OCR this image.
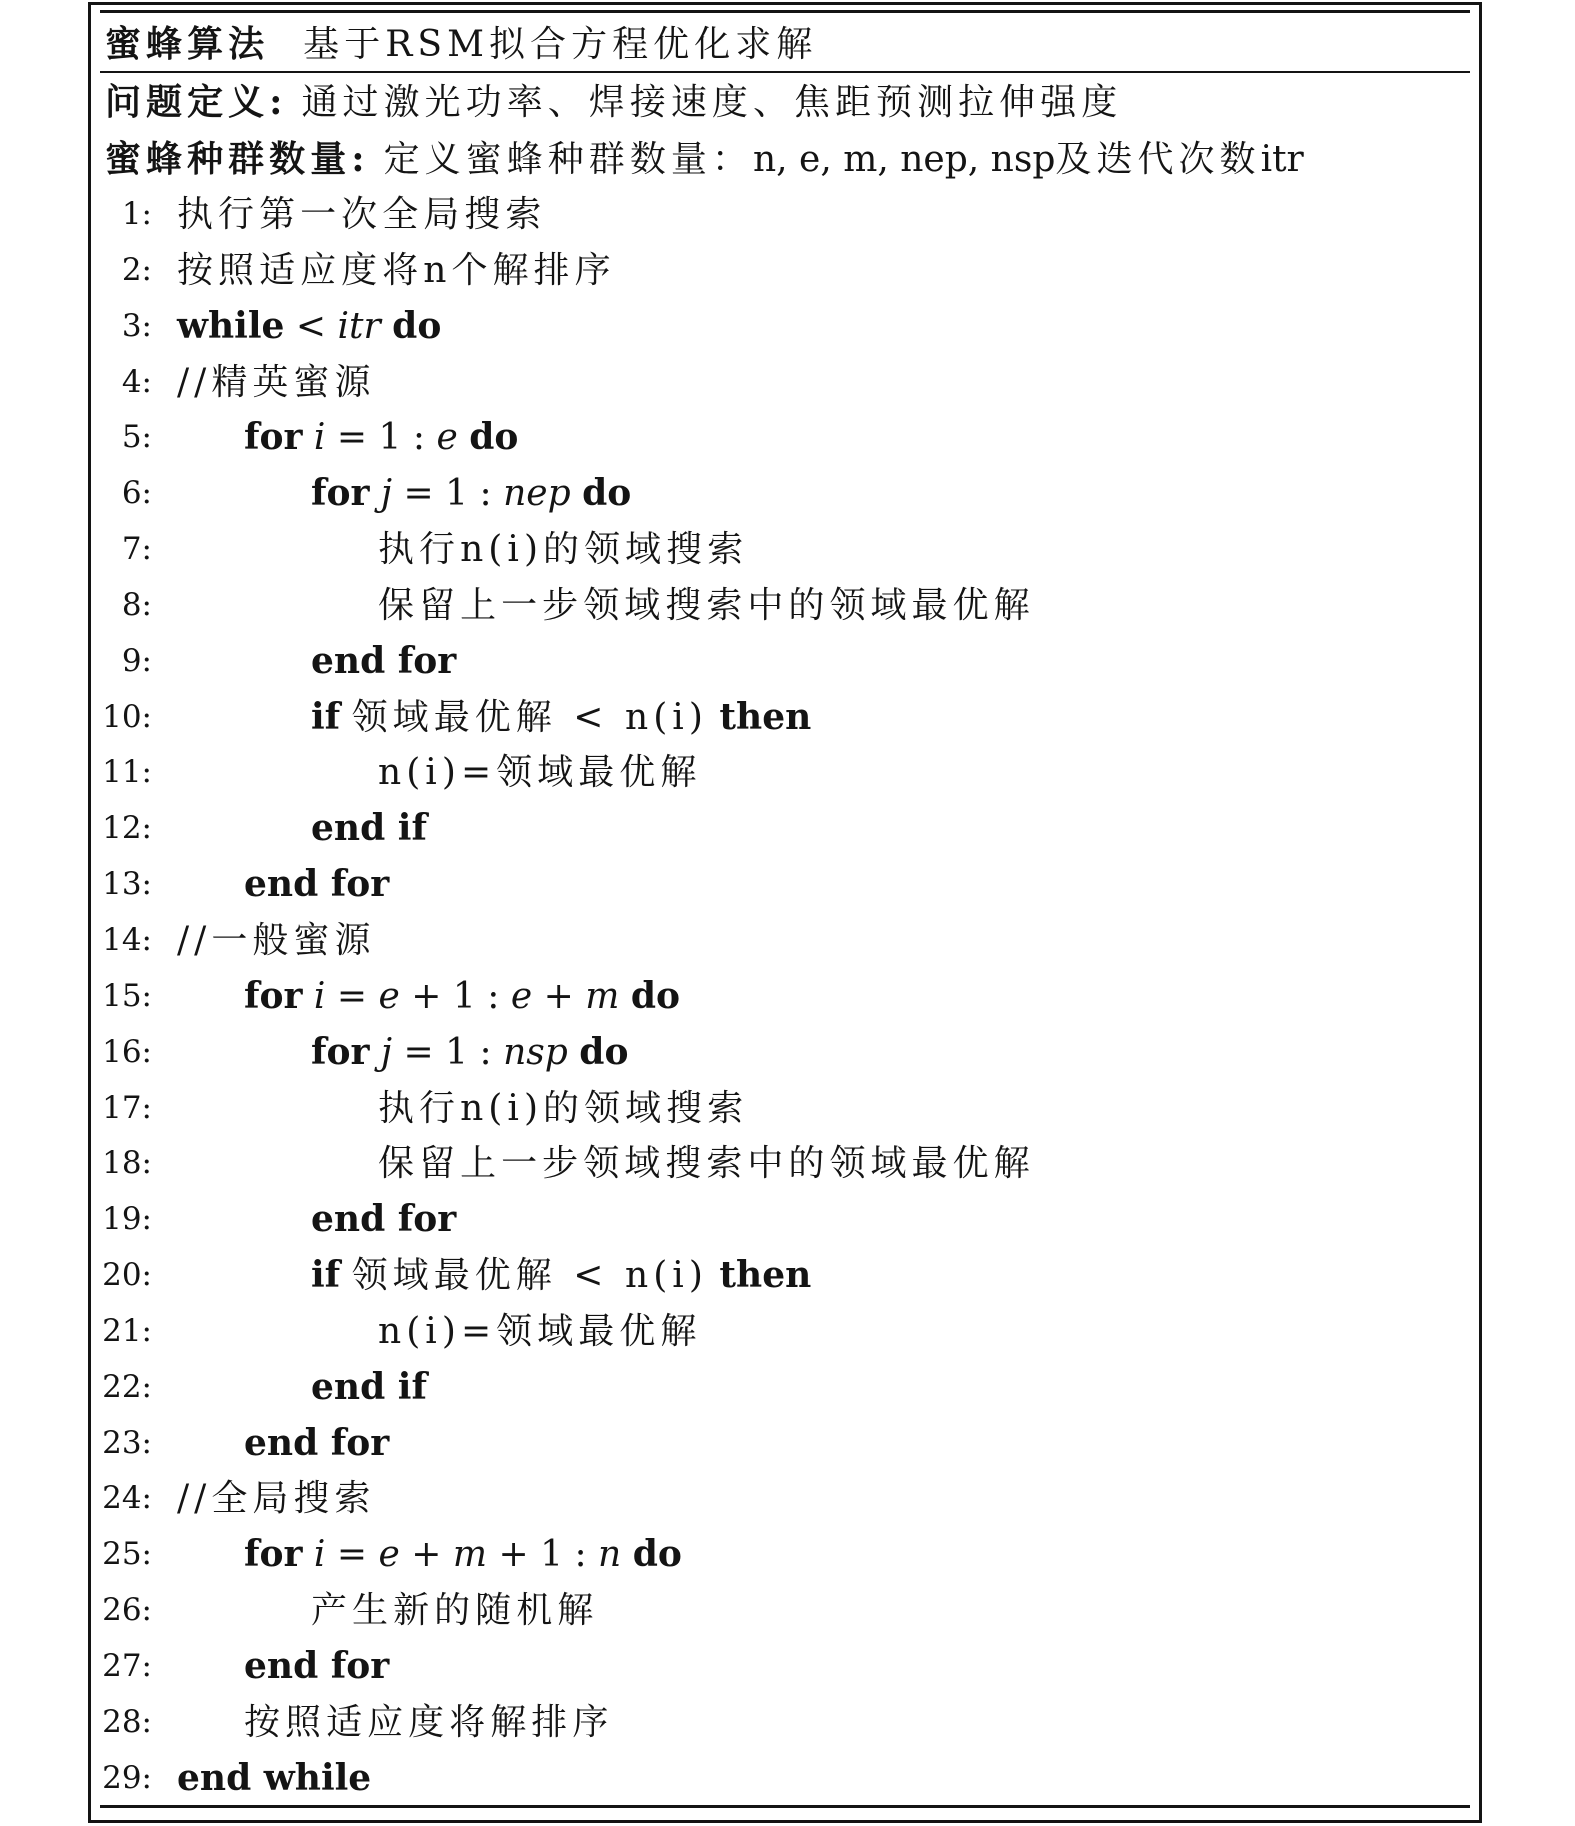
蜜蜂算法 基于RSM拟合方程优化求解
问题定义: 通过激光功率、焊接速度、焦距预测拉伸强度
蜜蜂种群数量: 定义蜜蜂种群数量：n, e, m, nep, nsp及迭代次数itr
1: 执行第一次全局搜索
2: 按照适应度将n个解排序
3: while < itr do
4: //精英蜜源
5:	for i = 1 : e do
6:	for j = 1 : nep do
7:	执行n(i)的领域搜索
8:	保留上一步领域搜索中的领域最优解
9:	end for
10:	if 领域最优解 < n(i) then
11:	n(i)=领域最优解
12:	end if
13:	end for
14: //一般蜜源
15:	for i = e + 1 : e + m do
16:	for j = 1 : nsp do
17:	执行n(i)的领域搜索
18:	保留上一步领域搜索中的领域最优解
19:	end for
20:	if 领域最优解 < n(i) then
21:	n(i)=领域最优解
22:	end if
23:	end for
24: //全局搜索
25:	for i = e + m + 1 : n do
26:	产生新的随机解
27:	end for
28:	按照适应度将解排序
29: end while
